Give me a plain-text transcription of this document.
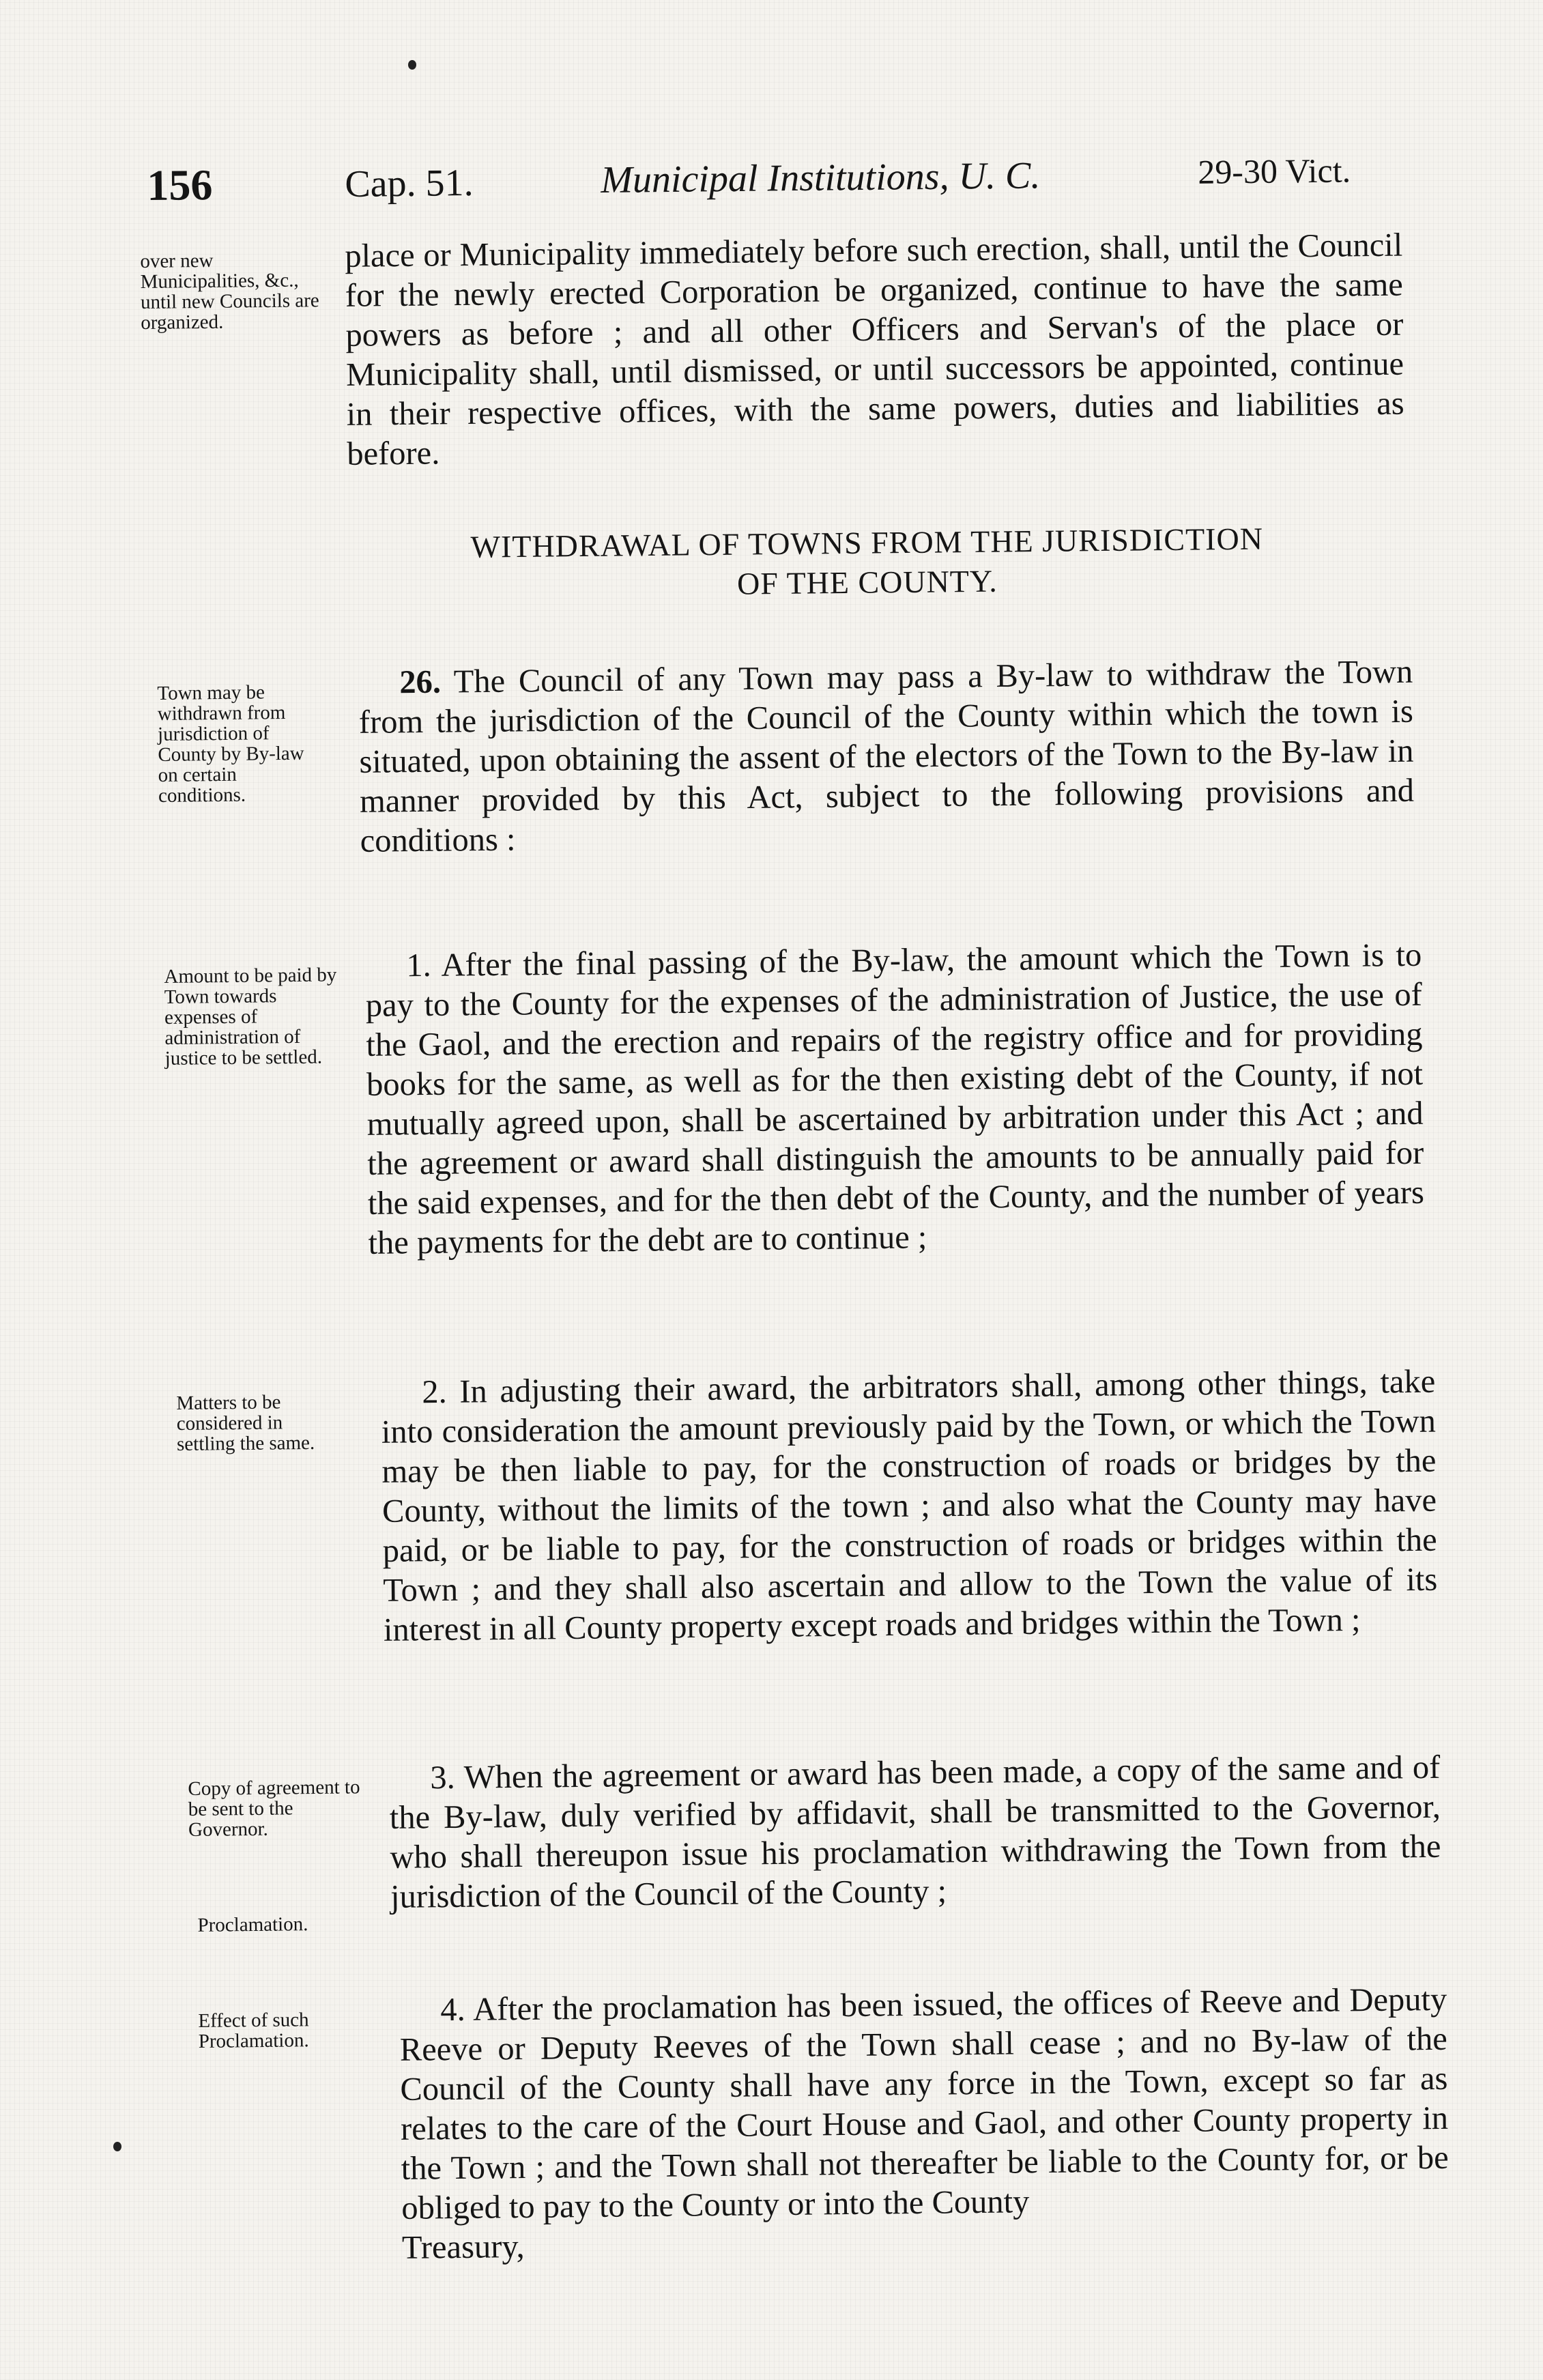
156	Cap. 51.	Municipal Institutions, U. C.	29-30 Vict.
over new Municipalities, &c., until new Councils are organized.
place or Municipality immediately before such erection, shall, until the Council for the newly erected Corporation be organized, continue to have the same powers as before ; and all other Officers and Servan's of the place or Municipality shall, until dismissed, or until successors be appointed, continue in their respective offices, with the same powers, duties and liabilities as before.
WITHDRAWAL OF TOWNS FROM THE JURISDICTION
OF THE COUNTY.
Town may be withdrawn from jurisdiction of County by By-law on certain conditions.
26. The Council of any Town may pass a By-law to withdraw the Town from the jurisdiction of the Council of the County within which the town is situated, upon obtaining the assent of the electors of the Town to the By-law in manner provided by this Act, subject to the following provisions and conditions :
Amount to be paid by Town towards expenses of administration of justice to be settled.
1. After the final passing of the By-law, the amount which the Town is to pay to the County for the expenses of the administration of Justice, the use of the Gaol, and the erection and repairs of the registry office and for providing books for the same, as well as for the then existing debt of the County, if not mutually agreed upon, shall be ascertained by arbitration under this Act ; and the agreement or award shall distinguish the amounts to be annually paid for the said expenses, and for the then debt of the County, and the number of years the payments for the debt are to continue ;
Matters to be considered in settling the same.
2. In adjusting their award, the arbitrators shall, among other things, take into consideration the amount previously paid by the Town, or which the Town may be then liable to pay, for the construction of roads or bridges by the County, without the limits of the town ; and also what the County may have paid, or be liable to pay, for the construction of roads or bridges within the Town ; and they shall also ascertain and allow to the Town the value of its interest in all County property except roads and bridges within the Town ;
Copy of agreement to be sent to the Governor.
Proclamation.
3. When the agreement or award has been made, a copy of the same and of the By-law, duly verified by affidavit, shall be transmitted to the Governor, who shall thereupon issue his proclamation withdrawing the Town from the jurisdiction of the Council of the County ;
Effect of such Proclamation.
4. After the proclamation has been issued, the offices of Reeve and Deputy Reeve or Deputy Reeves of the Town shall cease ; and no By-law of the Council of the County shall have any force in the Town, except so far as relates to the care of the Court House and Gaol, and other County property in the Town ; and the Town shall not thereafter be liable to the County for, or be obliged to pay to the County or into the County
Treasury,
